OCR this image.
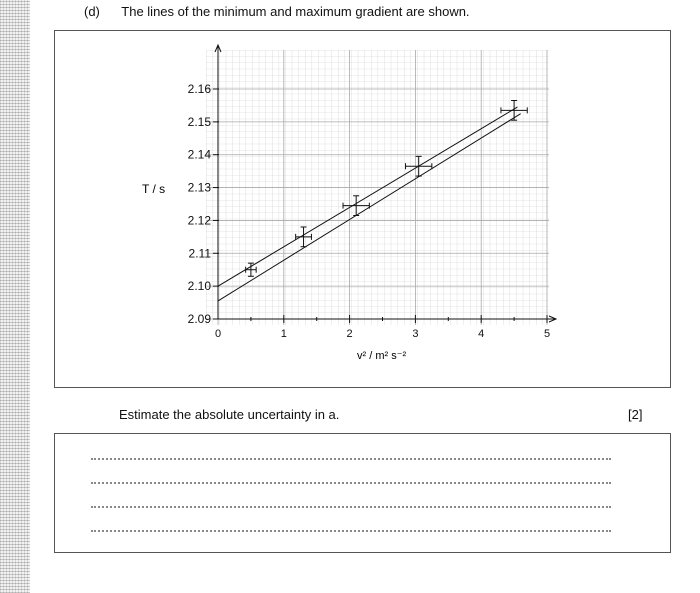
(d) The lines of the minimum and maximum gradient are shown.
0	1	2	3	4	5
2.09
2.10
2.11
2.12
2.13
2.14
2.15
2.16
T / s
v² / m² s⁻²
Estimate the absolute uncertainty in a.	[2]
